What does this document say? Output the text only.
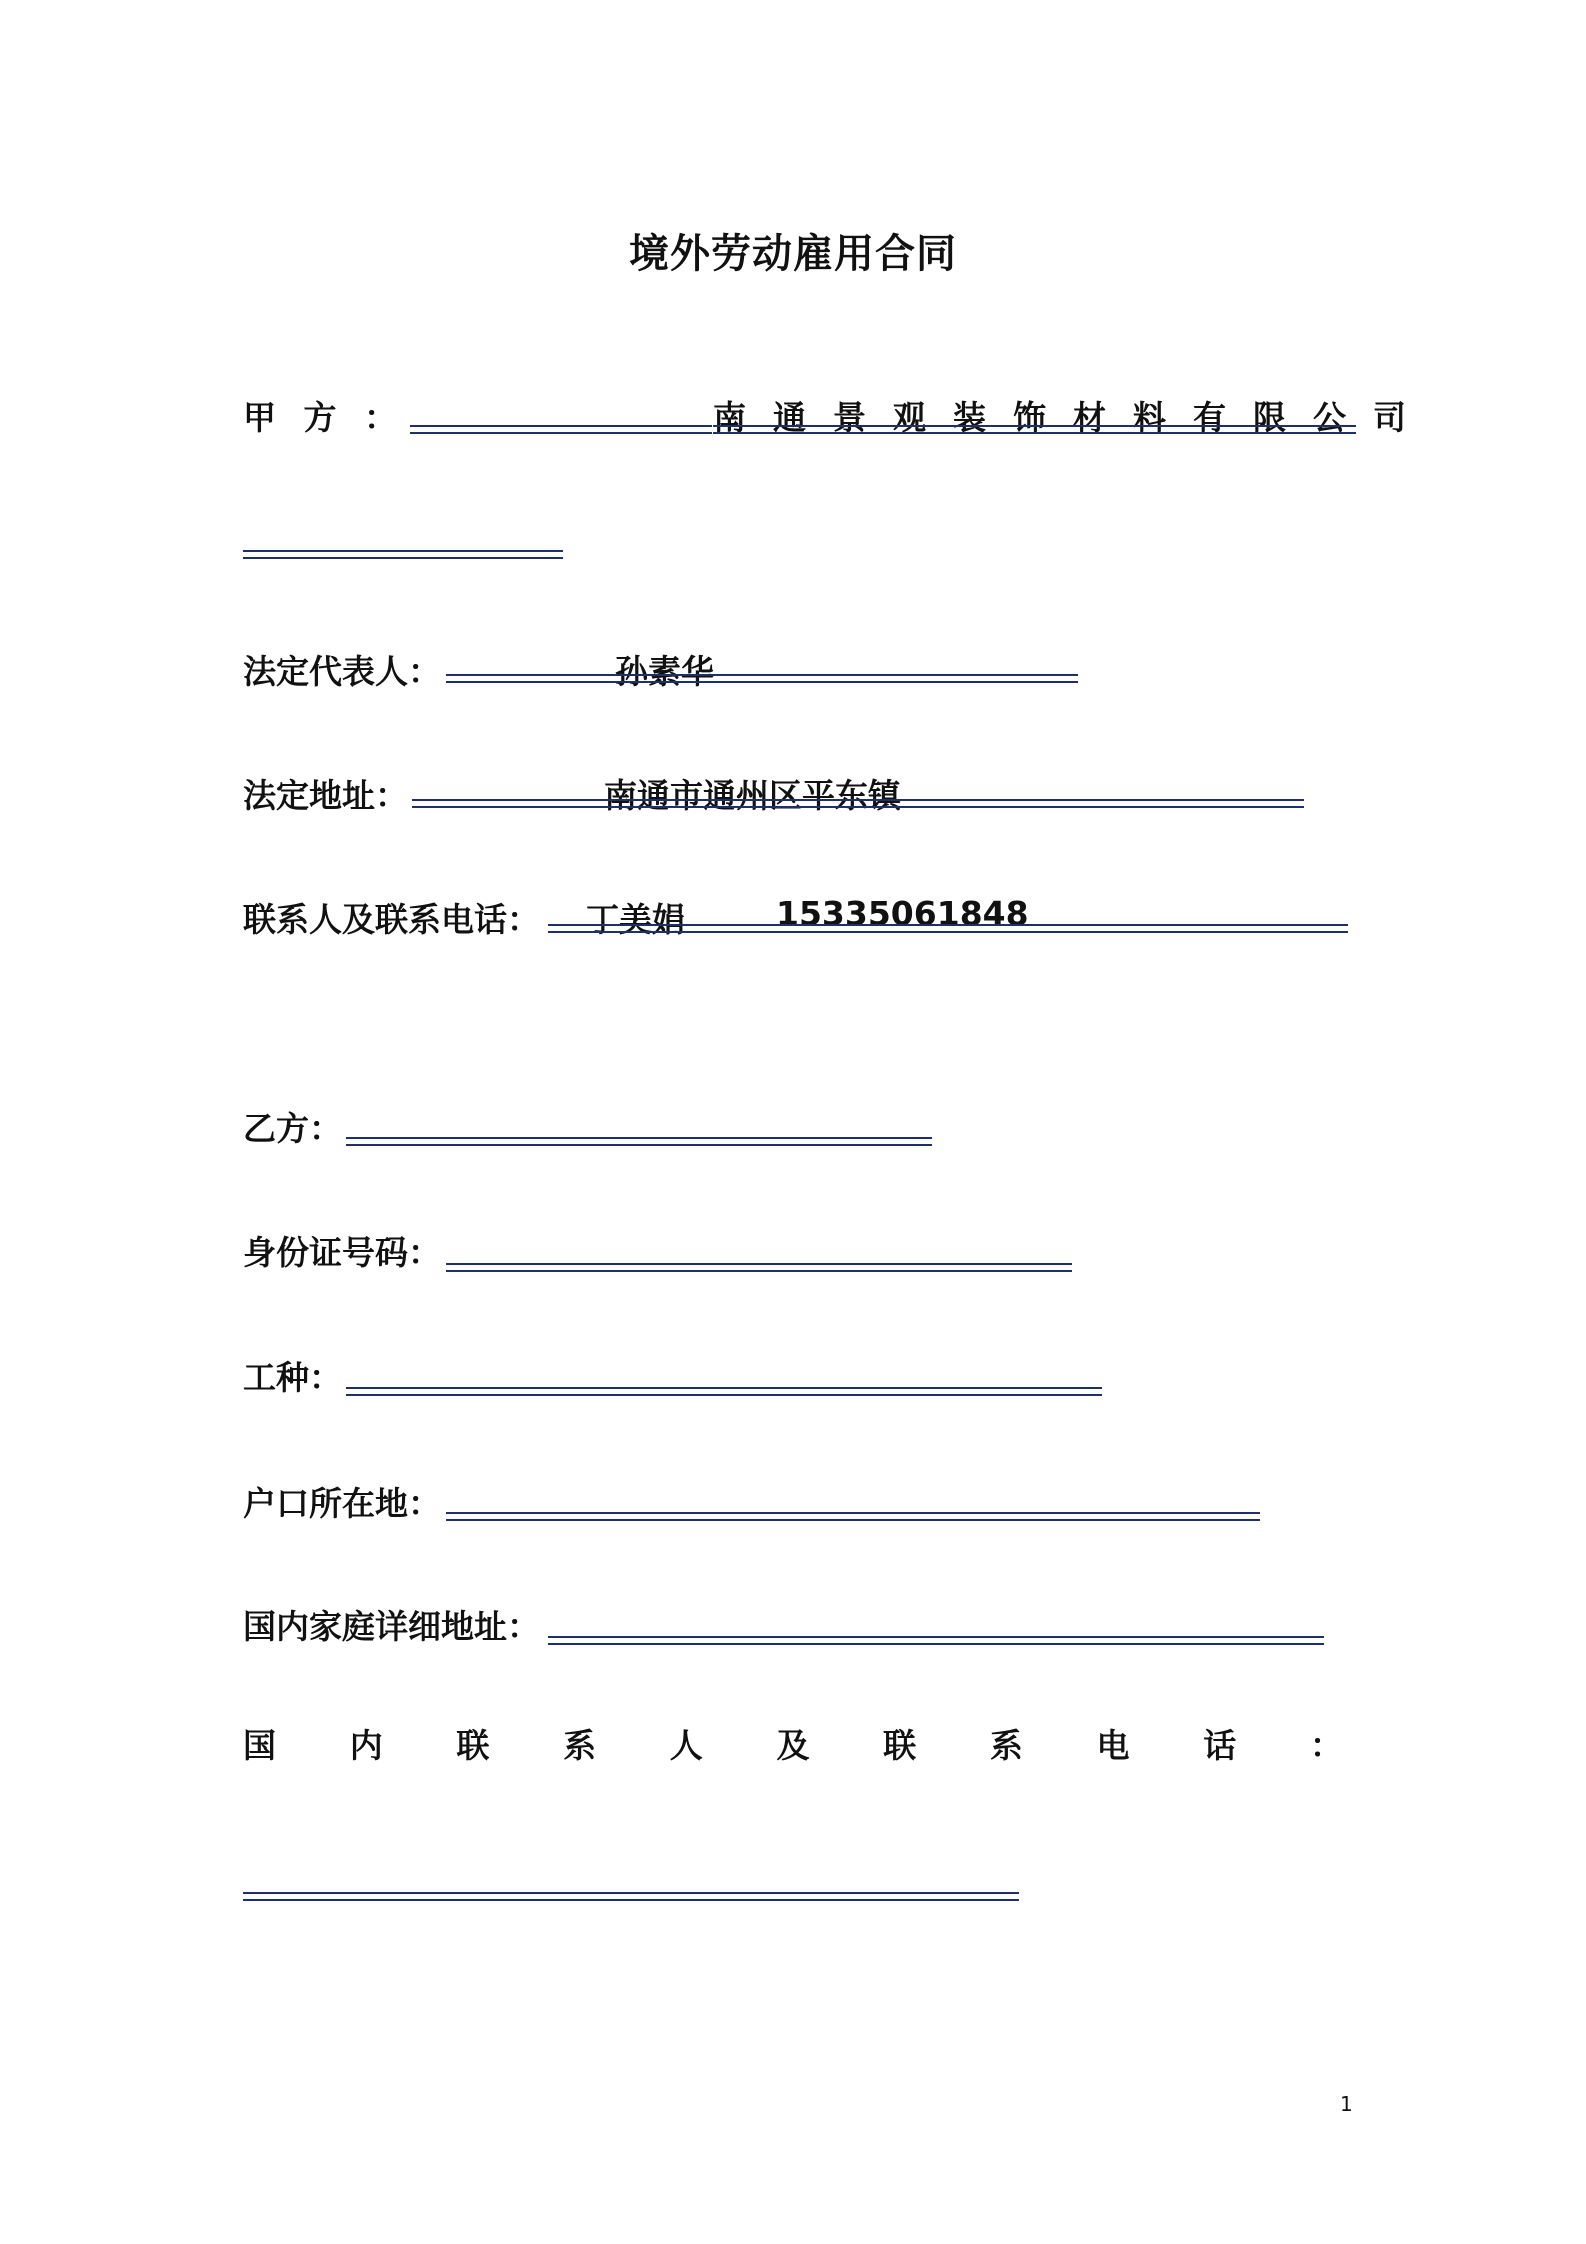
境外劳动雇用合同
甲 方 ：	南通景观装饰材料有限公司
法定代表人：	孙素华
法定地址：	南通市通州区平东镇
联系人及联系电话： 丁美娟	15335061848
乙方：
身份证号码：
工种：
户口所在地：
国内家庭详细地址：
国 内 联 系 人 及 联 系 电 话 ：
1
